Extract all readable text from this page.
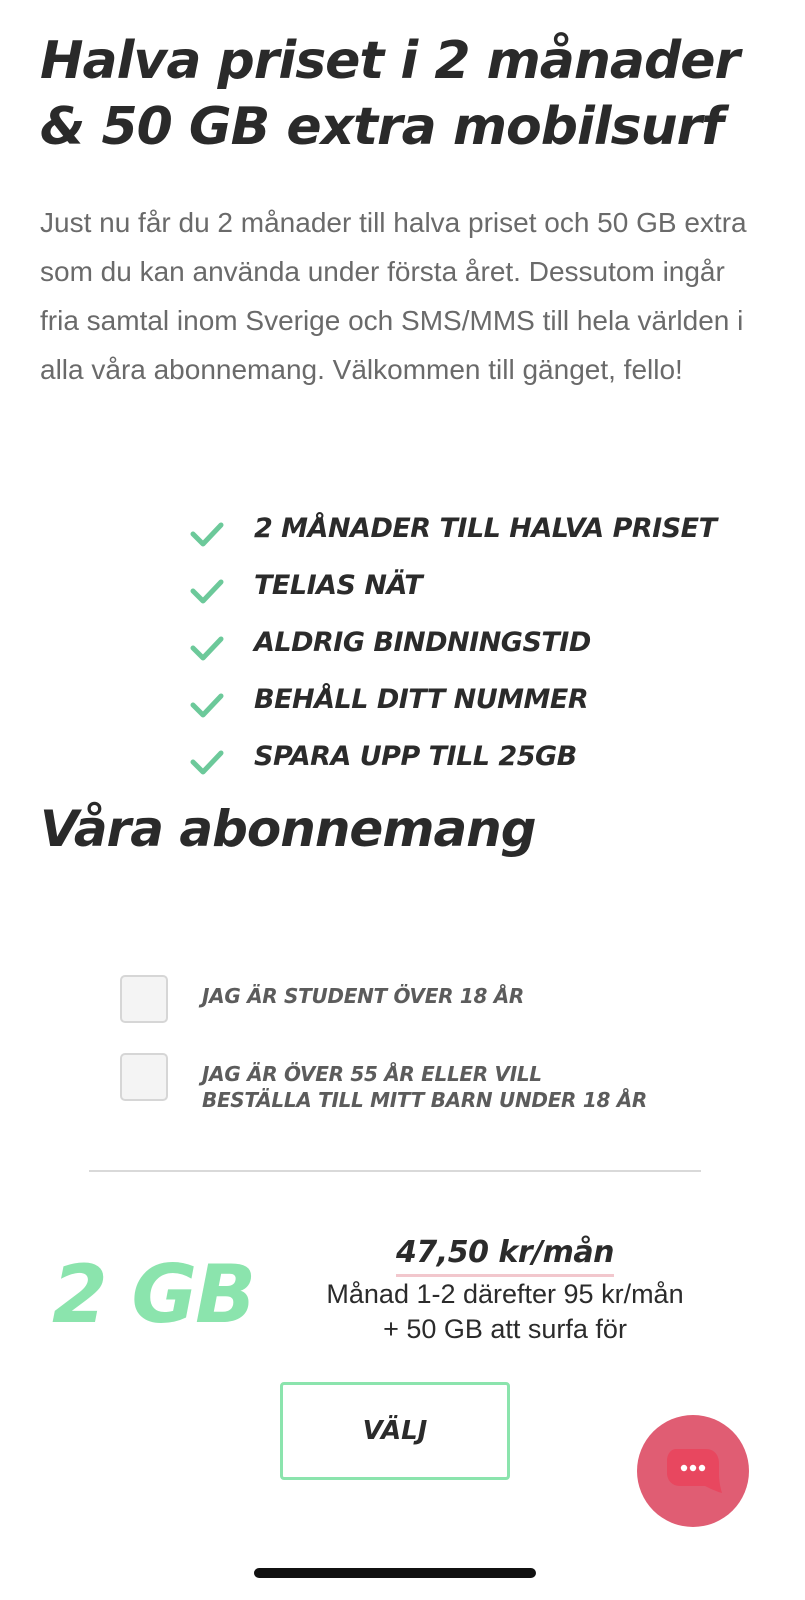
Halva priset i 2 månader & 50 GB extra mobilsurf

Just nu får du 2 månader till halva priset och 50 GB extra som du kan använda under första året. Dessutom ingår fria samtal inom Sverige och SMS/MMS till hela världen i alla våra abonnemang. Välkommen till gänget, fello!

2 MÅNADER TILL HALVA PRISET
TELIAS NÄT
ALDRIG BINDNINGSTID
BEHÅLL DITT NUMMER
SPARA UPP TILL 25GB
Våra abonnemang
JAG ÄR STUDENT ÖVER 18 ÅR
JAG ÄR ÖVER 55 ÅR ELLER VILL BESTÄLLA TILL MITT BARN UNDER 18 ÅR
2 GB	47,50 kr/mån
Månad 1-2 därefter 95 kr/mån
+ 50 GB att surfa för
VÄLJ
